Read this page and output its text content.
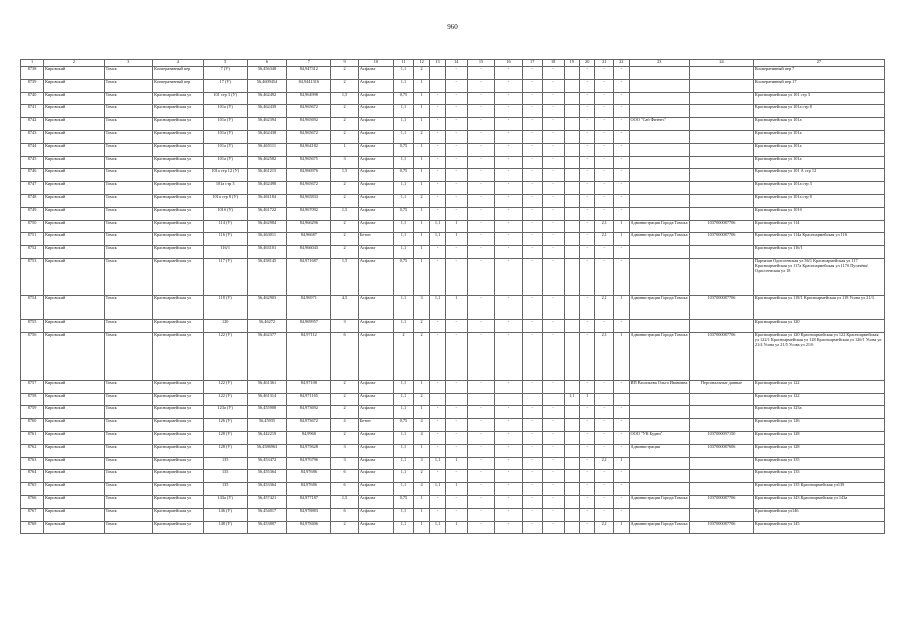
960
1	2	3	4	5	6	7	9	10	11	12	13	14	15	16	17	18	19	20	21	22	23	24	27
8738	Кировский	Томск	Кооперативный пер	7 (У)	56,456348	84,947312	2	Асфальт	1,1	2		-	-	-	-	-		-	-	-			Кооперативный пер 7
8739	Кировский	Томск	Кооперативный пер	17 (У)	56,4609454	84,9441316	2	Асфальт	1,1	1		-	-	-	-	-		-	-	-			Кооперативный пер 17
8740	Кировский	Томск	Красноармейская ул	101 стр 3 (У)	56,462492	84,964998	1,5	Асфальт	0,75	1	-	-	-	-	-	-		-	-	-			Красноармейская ул 101 стр 3
8741	Кировский	Томск	Красноармейская ул	101а (У)	56,462439	84,965672	2	Асфальт	1,1	1	-	-	-	-	-	-		-	-	-			Красноармейская ул 101а стр 8
8742	Кировский	Томск	Красноармейская ул	101а (У)	56,462394	84,965692	2	Асфальт	1,1	1	-	-	-	-	-	-		-	-	-	ООО "Саб Фитнес"		Красноармейская ул 101а
8743	Кировский	Томск	Красноармейская ул	101а (У)	56,462438	84,965672	2	Асфальт	1,1	2	-	-	-	-	-	-		-	-	-			Красноармейская ул 101а
8744	Кировский	Томск	Красноармейская ул	101а (У)	56,465111	84,964182	1	Асфальт	0,75	1	-	-	-	-	-	-		-	-	-			Красноармейская ул 101а
8745	Кировский	Томск	Красноармейская ул	101а (У)	56,462582	84,965675	3	Асфальт	1,1	1	-	-	-	-	-	-		-	-	-			Красноармейская ул 101а
8746	Кировский	Томск	Красноармейская ул	101а стр 12 (У)	56,461215	84,966976	1,5	Асфальт	0,75	1	-	-	-	-	-	-		-	-	-			Красноармейская ул 101 А стр 12
8747	Кировский	Томск	Красноармейская ул	101а стр 3	56,462498	84,965672	2	Асфальт	1,1	1	-	-	-	-	-	-		-	-	-			Красноармейская ул 101а стр 3
8748	Кировский	Томск	Красноармейская ул	101а стр 8 (У)	56,461184	84,965833	2	Асфальт	1,1	2	-	-	-	-	-	-		-	-	-			Красноармейская ул 101а стр 8
8749	Кировский	Томск	Красноармейская ул	101б (У)	56,461722	84,967092	1,5	Асфальт	0,75	1	-	-	-	-	-	-		-	-	-			Красноармейская ул 101б
8750	Кировский	Томск	Красноармейская ул	114 (У)	56,462984	84,966296	2	Асфальт	1,1	1	1,1	1	-	-	-	-		-	2,1	1	Администрация Города Томска	1037000087706	Красноармейская ул 114
8751	Кировский	Томск	Красноармейская ул	116 (У)	56,463011	84,96687	2	Бетон	1,1	1	1,1	1	-	-	-	-		-	2,1	1	Администрация Города Томска	1037000087706	Красноармейская ул 114а Красноармейская ул 116
8752	Кировский	Томск	Красноармейская ул	116/1	56,463101	84,966043	2	Асфальт	1,1	1	-	-	-	-	-	-		-	-	-			Красноармейская ул 116/1
8753	Кировский	Томск	Красноармейская ул	117 (У)	56,458145	84,971687	1,5	Асфальт	0,75	1	-	-	-	-	-	-		-	-	-			Партизан Одиссеевская ул 36/1 Красноармейская ул 117 Красноармейская ул 117а Красноармейская ул 117б Пугачёва/Одиссеевская ул 18
8754	Кировский	Томск	Красноармейская ул	118 (У)	56,462903	84,96971	4,5	Асфальт	1,1	3	1,1	1	-	-	-	-		-	2,1	1	Администрация Города Томска	1037000087706	Красноармейская ул 118/1 Красноармейская ул 118 Усова ул 21/3
8755	Кировский	Томск	Красноармейская ул	120	56,46272	84,969957	3	Асфальт	1,1	2	-	-	-	-	-	-		-	-	-			Красноармейская ул 120
8756	Кировский	Томск	Красноармейская ул	122 (У)	56,462377	84,97112	6	Асфальт	2	2	-	-	-	-	-	-		-	2,1	1	Администрация Города Томска	1037000087706	Красноармейская ул 120 Красноармейская ул 122 Красноармейская ул 122/1 Красноармейская ул 128 Красноармейская ул 126/1 Усова ул 21/4 Усова ул 21/5 Усова ул 21/6
8757	Кировский	Томск	Красноармейская ул	122 (У)	56,461361	84,97108	2	Асфальт	1,1	1	-	-	-	-	-	-		-	-	-	ИП Васильева Ольга Ивановна	Персональные данные	Красноармейская ул 122
8758	Кировский	Томск	Красноармейская ул	122 (У)	56,461314	84,971165	2	Асфальт	1,1	2							1,1	1					Красноармейская ул 122
8759	Кировский	Томск	Красноармейская ул	123а (У)	56,455908	84,973692	2	Асфальт	1,1	1	-	-	-	-	-	-		-	-	-			Красноармейская ул 123а
8760	Кировский	Томск	Красноармейская ул	126 (У)	56,45935	84,973672	4	Бетон	0,75	4	-	-	-	-	-	-		-	-	-			Красноармейская ул 126
8761	Кировский	Томск	Красноармейская ул	128 (У)	56,442219	84,9968	2	Асфальт	1,1	4	-	-	-	-	-	-		-	-	-	ООО "УК Будни"	1037000097150	Красноармейская ул 128
8762	Кировский	Томск	Красноармейская ул	128 (У)	56,4586963	84,975628	3	Асфальт	1,1	1	-	-	-	-	-	-		-	-	-	Администрация	1037000087606	Красноармейская ул 128
8763	Кировский	Томск	Красноармейская ул	135	56,453472	84,976796	3	Асфальт	1,1	3	1,1	1	-	-	-	-		-	2,1	1			Красноармейская ул 135
8764	Кировский	Томск	Красноармейская ул	135	56,455364	84,97686	6	Асфальт	1,1	2	-	-	-	-	-	-		-	-	-			Красноармейская ул 135
8765	Кировский	Томск	Красноармейская ул	135	56,453364	84,97686	6	Асфальт	1,1	4	1,1	1	-	-	-	-		-	-	-			Красноармейская ул 135 Красноармейская ул139
8766	Кировский	Томск	Красноармейская ул	143а (У)	56,457421	84,977187	1,5	Асфальт	0,75	1	-	-	-	-	-	-		-	-	-	Администрация Города Томска	1037000087706	Красноармейская ул 143 Красноармейская ул 143а
8767	Кировский	Томск	Красноармейская ул	146 (У)	56,454017	84,978883	6	Асфальт	1,1	1	-	-	-	-	-	-		-	-	-			Красноармейская ул146
8768	Кировский	Томск	Красноармейская ул	148 (У)	56,453807	84,978406	2	Асфальт	1,1	1	1,1	1	-	-	-	-		-	2,1	1	Администрация Города Томска	1037000087706	Красноармейская ул 145
